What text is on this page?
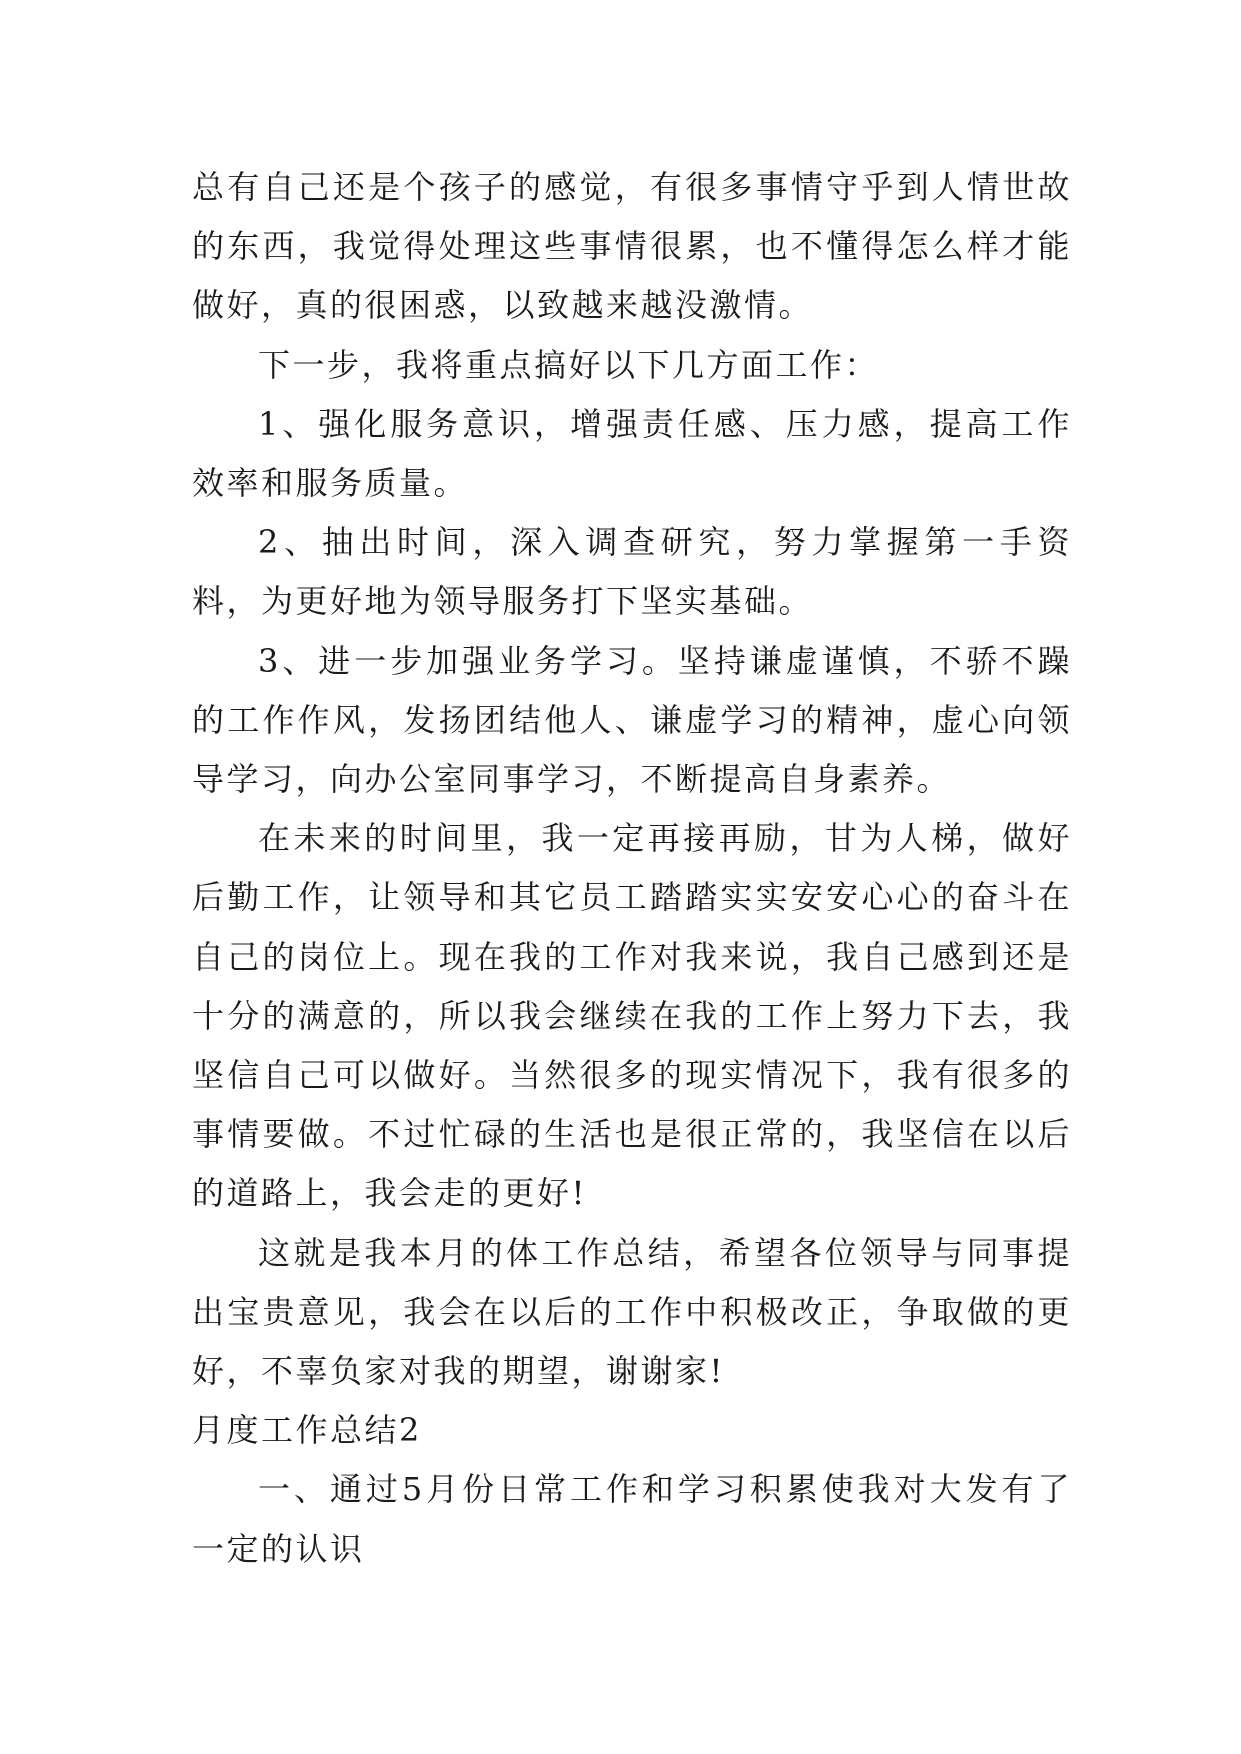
总有自己还是个孩子的感觉，有很多事情守乎到人情世故的东西，我觉得处理这些事情很累，也不懂得怎么样才能做好，真的很困惑，以致越来越没激情。

下一步，我将重点搞好以下几方面工作：

1、强化服务意识，增强责任感、压力感，提高工作效率和服务质量。

2、抽出时间，深入调查研究，努力掌握第一手资料，为更好地为领导服务打下坚实基础。

3、进一步加强业务学习。坚持谦虚谨慎，不骄不躁的工作作风，发扬团结他人、谦虚学习的精神，虚心向领导学习，向办公室同事学习，不断提高自身素养。

在未来的时间里，我一定再接再励，甘为人梯，做好后勤工作，让领导和其它员工踏踏实实安安心心的奋斗在自己的岗位上。现在我的工作对我来说，我自己感到还是十分的满意的，所以我会继续在我的工作上努力下去，我坚信自己可以做好。当然很多的现实情况下，我有很多的事情要做。不过忙碌的生活也是很正常的，我坚信在以后的道路上，我会走的更好!

这就是我本月的体工作总结，希望各位领导与同事提出宝贵意见，我会在以后的工作中积极改正，争取做的更好，不辜负家对我的期望，谢谢家!

月度工作总结2

一、通过5月份日常工作和学习积累使我对大发有了一定的认识
